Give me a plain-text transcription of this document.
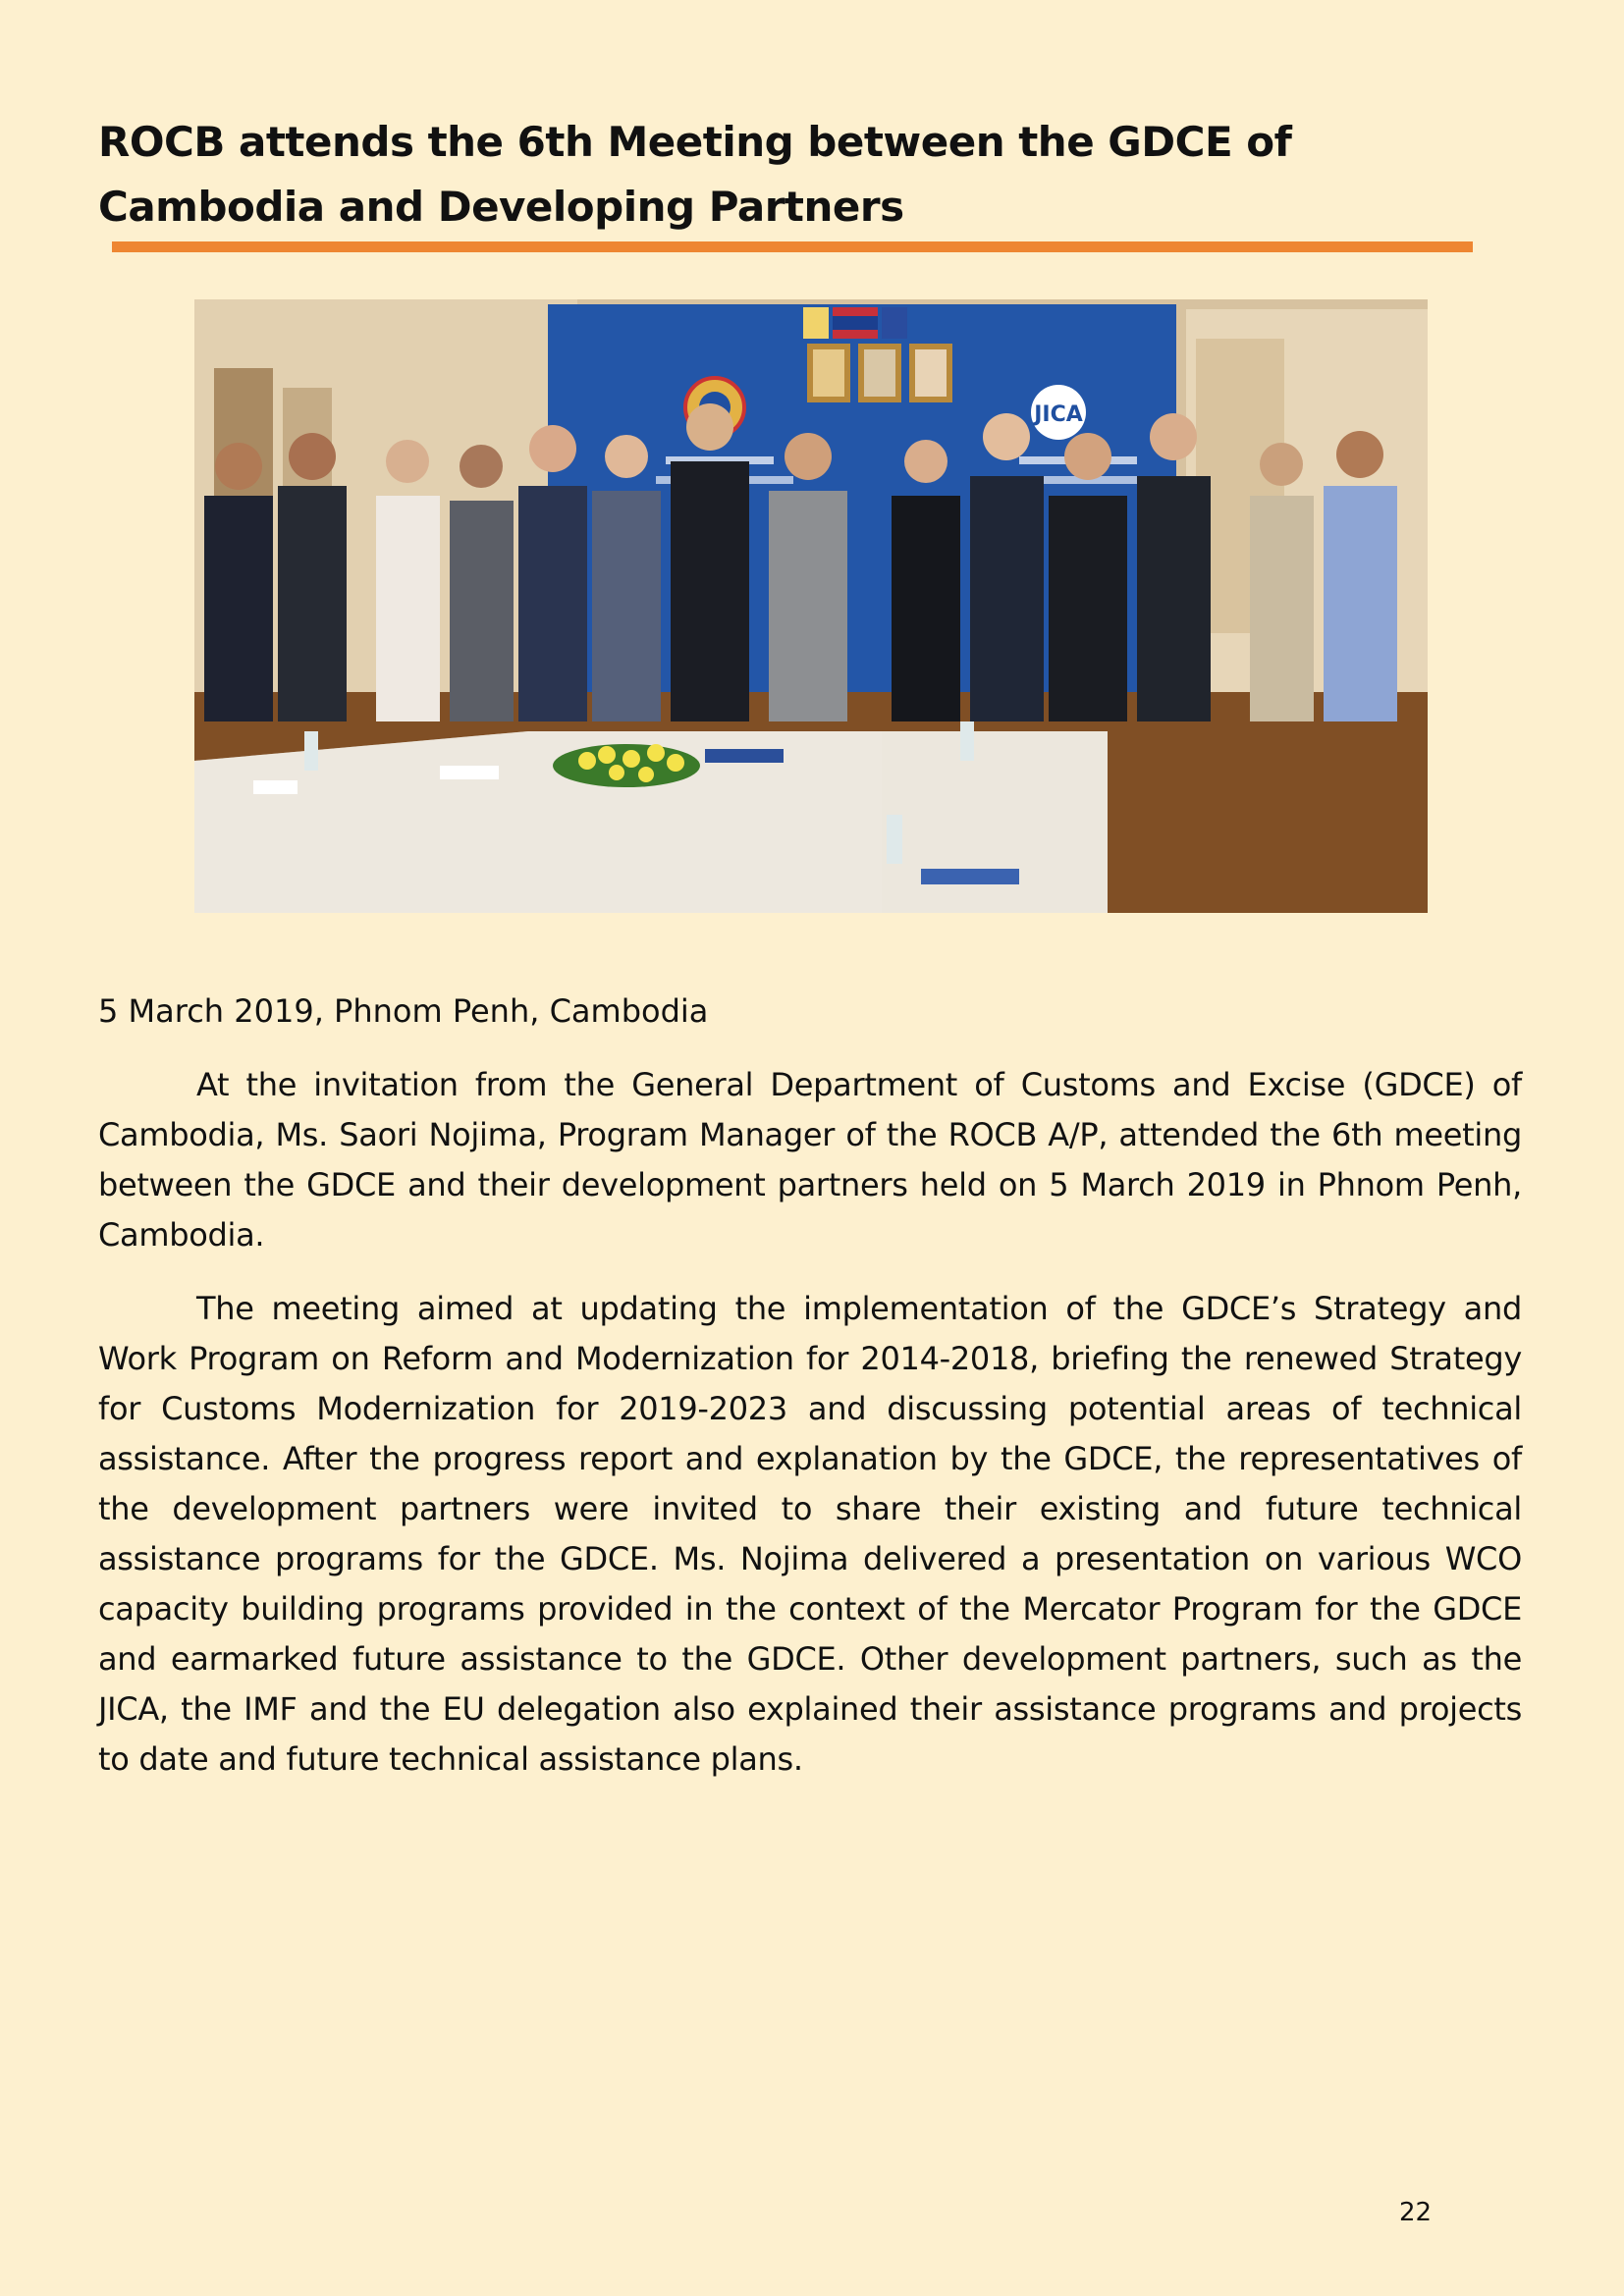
ROCB attends the 6th Meeting between the GDCE of Cambodia and Developing Partners
JICA
5 March 2019, Phnom Penh, Cambodia

At the invitation from the General Department of Customs and Excise (GDCE) of Cambodia, Ms. Saori Nojima, Program Manager of the ROCB A/P, attended the 6th meeting between the GDCE and their development partners held on 5 March 2019 in Phnom Penh, Cambodia.

The meeting aimed at updating the implementation of the GDCE’s Strategy and Work Program on Reform and Modernization for 2014-2018, briefing the renewed Strategy for Customs Modernization for 2019-2023 and discussing potential areas of technical assistance. After the progress report and explanation by the GDCE, the representatives of the development partners were invited to share their existing and future technical assistance programs for the GDCE. Ms. Nojima delivered a presentation on various WCO capacity building programs provided in the context of the Mercator Program for the GDCE and earmarked future assistance to the GDCE. Other development partners, such as the JICA, the IMF and the EU delegation also explained their assistance programs and projects to date and future technical assistance plans.

22
